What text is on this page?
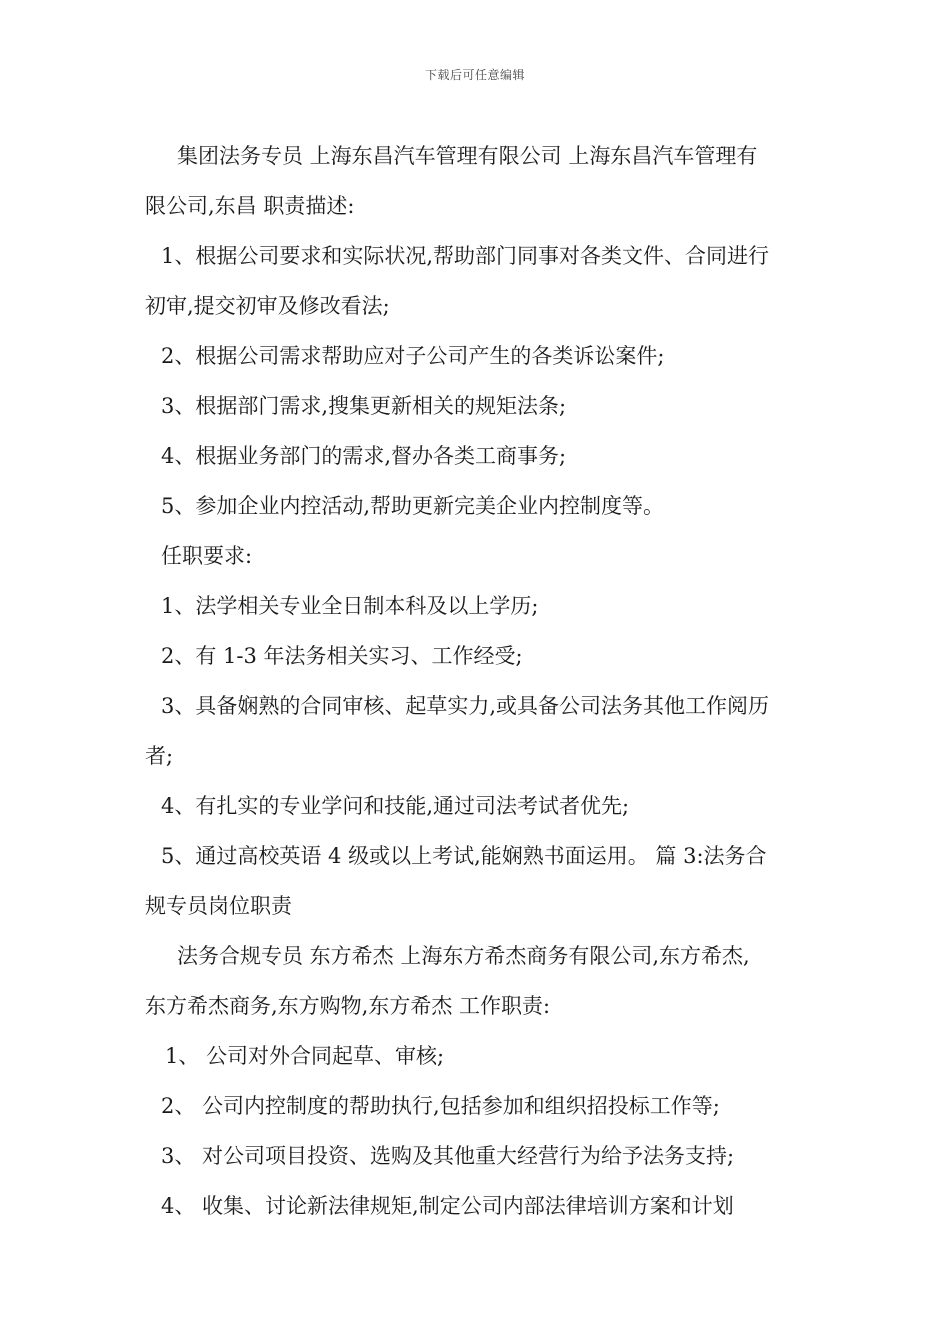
下载后可任意编辑
集团法务专员 上海东昌汽车管理有限公司 上海东昌汽车管理有
限公司,东昌 职责描述:
1、根据公司要求和实际状况,帮助部门同事对各类文件、合同进行
初审,提交初审及修改看法;
2、根据公司需求帮助应对子公司产生的各类诉讼案件;
3、根据部门需求,搜集更新相关的规矩法条;
4、根据业务部门的需求,督办各类工商事务;
5、参加企业内控活动,帮助更新完美企业内控制度等。
任职要求:
1、法学相关专业全日制本科及以上学历;
2、有 1-3 年法务相关实习、工作经受;
3、具备娴熟的合同审核、起草实力,或具备公司法务其他工作阅历
者;
4、有扎实的专业学问和技能,通过司法考试者优先;
5、通过高校英语 4 级或以上考试,能娴熟书面运用。 篇 3:法务合
规专员岗位职责
法务合规专员 东方希杰 上海东方希杰商务有限公司,东方希杰,
东方希杰商务,东方购物,东方希杰 工作职责:
1、 公司对外合同起草、审核;
2、 公司内控制度的帮助执行,包括参加和组织招投标工作等;
3、 对公司项目投资、选购及其他重大经营行为给予法务支持;
4、 收集、讨论新法律规矩,制定公司内部法律培训方案和计划
